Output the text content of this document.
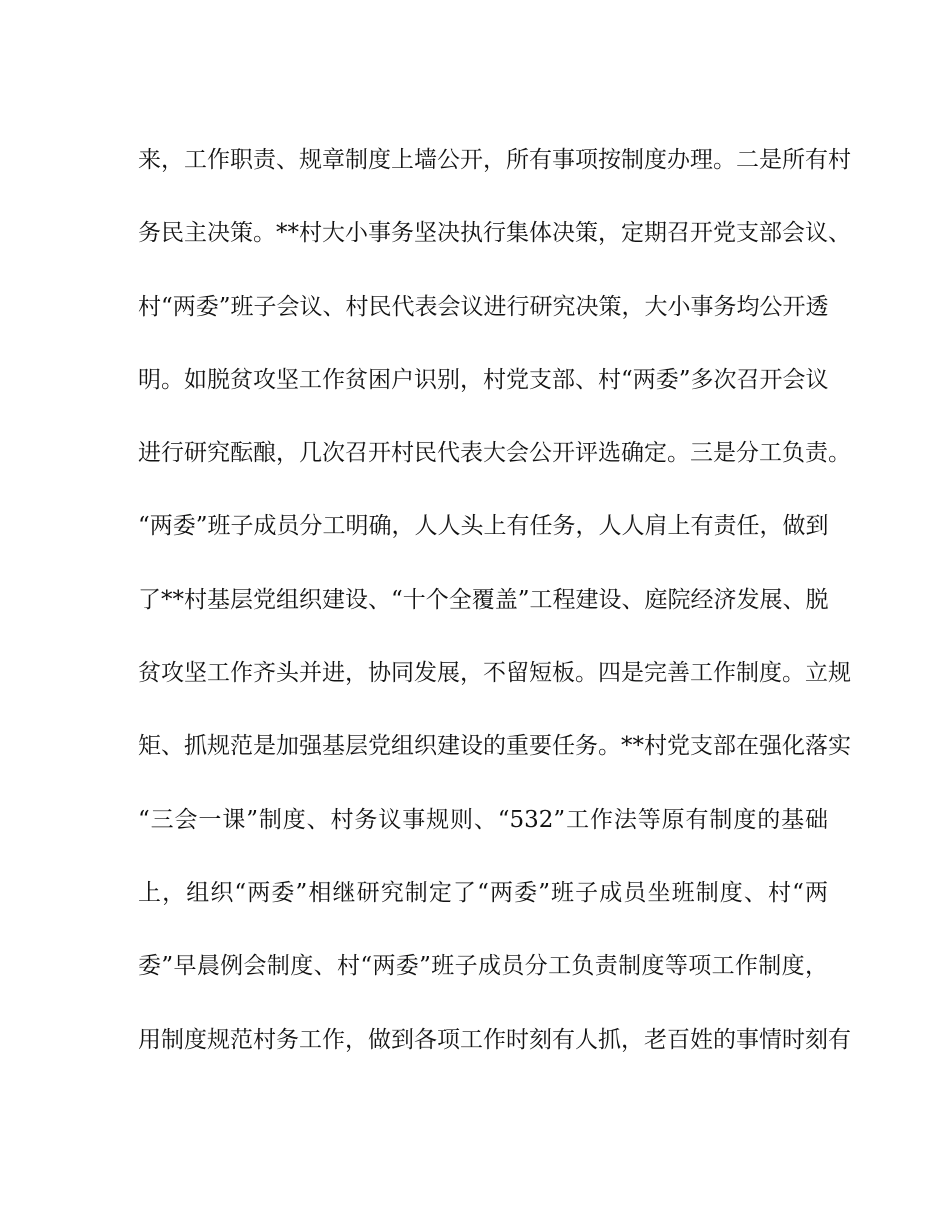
来，工作职责、规章制度上墙公开，所有事项按制度办理。二是所有村
务民主决策。**村大小事务坚决执行集体决策，定期召开党支部会议、
村“两委”班子会议、村民代表会议进行研究决策，大小事务均公开透
明。如脱贫攻坚工作贫困户识别，村党支部、村“两委”多次召开会议
进行研究酝酿，几次召开村民代表大会公开评选确定。三是分工负责。
“两委”班子成员分工明确，人人头上有任务，人人肩上有责任，做到
了**村基层党组织建设、“十个全覆盖”工程建设、庭院经济发展、脱
贫攻坚工作齐头并进，协同发展，不留短板。四是完善工作制度。立规
矩、抓规范是加强基层党组织建设的重要任务。**村党支部在强化落实
“三会一课”制度、村务议事规则、“532”工作法等原有制度的基础
上，组织“两委”相继研究制定了“两委”班子成员坐班制度、村“两
委”早晨例会制度、村“两委”班子成员分工负责制度等项工作制度，
用制度规范村务工作，做到各项工作时刻有人抓，老百姓的事情时刻有
